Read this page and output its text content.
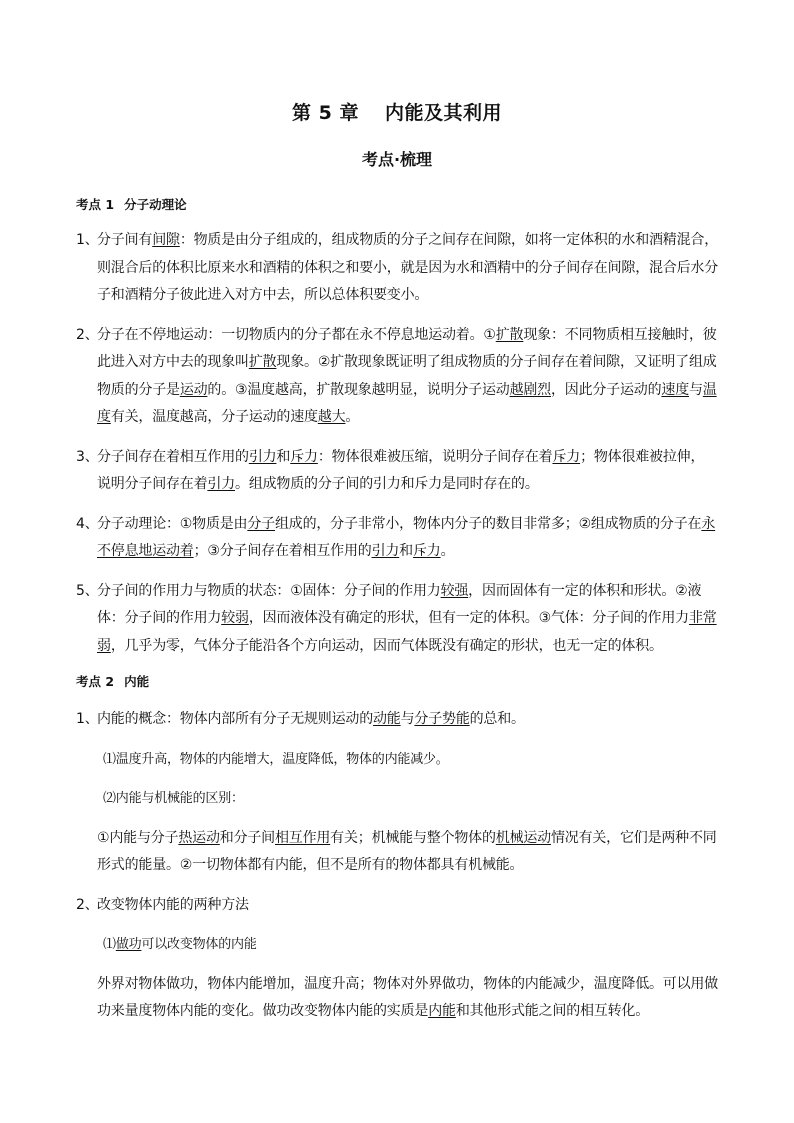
第 5 章 内能及其利用
考点·梳理
考点 1 分子动理论

1、分子间有间隙：物质是由分子组成的，组成物质的分子之间存在间隙，如将一定体积的水和酒精混合，则混合后的体积比原来水和酒精的体积之和要小，就是因为水和酒精中的分子间存在间隙，混合后水分子和酒精分子彼此进入对方中去，所以总体积要变小。

2、分子在不停地运动：一切物质内的分子都在永不停息地运动着。①扩散现象：不同物质相互接触时，彼此进入对方中去的现象叫扩散现象。②扩散现象既证明了组成物质的分子间存在着间隙，又证明了组成物质的分子是运动的。③温度越高，扩散现象越明显，说明分子运动越剧烈，因此分子运动的速度与温度有关，温度越高，分子运动的速度越大。

3、分子间存在着相互作用的引力和斥力：物体很难被压缩，说明分子间存在着斥力；物体很难被拉伸，说明分子间存在着引力。组成物质的分子间的引力和斥力是同时存在的。

4、分子动理论：①物质是由分子组成的，分子非常小，物体内分子的数目非常多；②组成物质的分子在永不停息地运动着；③分子间存在着相互作用的引力和斥力。

5、分子间的作用力与物质的状态：①固体：分子间的作用力较强，因而固体有一定的体积和形状。②液体：分子间的作用力较弱，因而液体没有确定的形状，但有一定的体积。③气体：分子间的作用力非常弱，几乎为零，气体分子能沿各个方向运动，因而气体既没有确定的形状，也无一定的体积。

考点 2 内能

1、内能的概念：物体内部所有分子无规则运动的动能与分子势能的总和。

⑴温度升高，物体的内能增大，温度降低，物体的内能减少。

⑵内能与机械能的区别：

①内能与分子热运动和分子间相互作用有关；机械能与整个物体的机械运动情况有关，它们是两种不同形式的能量。②一切物体都有内能，但不是所有的物体都具有机械能。

2、改变物体内能的两种方法

⑴做功可以改变物体的内能

外界对物体做功，物体内能增加，温度升高；物体对外界做功，物体的内能减少，温度降低。可以用做功来量度物体内能的变化。做功改变物体内能的实质是内能和其他形式能之间的相互转化。
